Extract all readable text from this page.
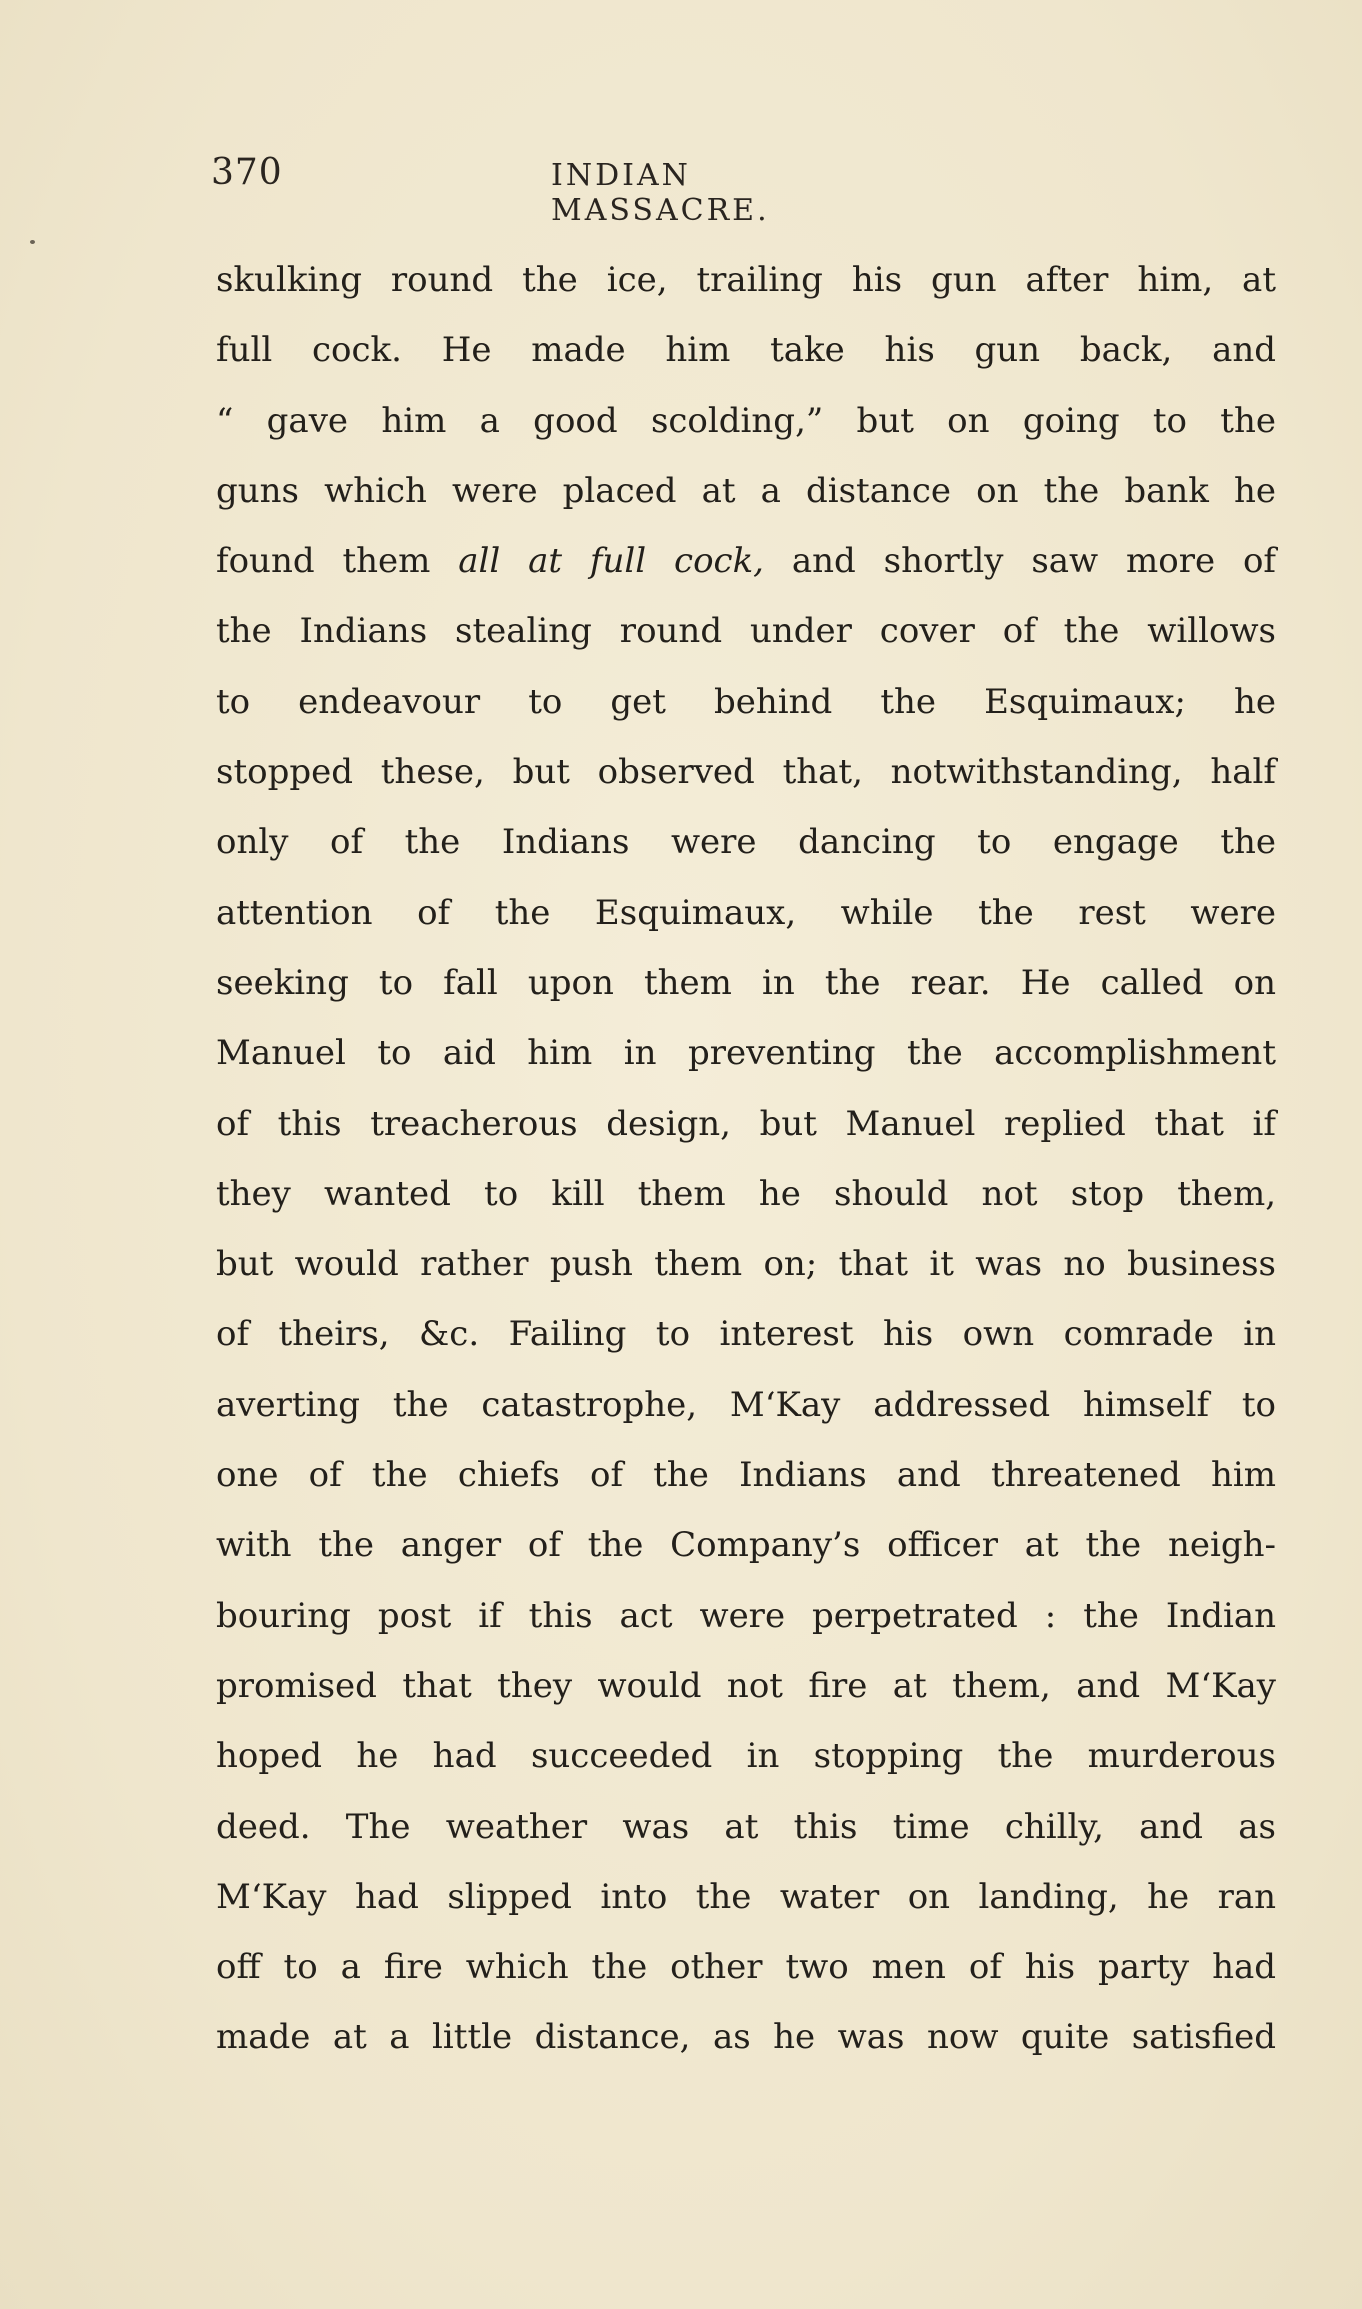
370	INDIAN MASSACRE.
skulking round the ice, trailing his gun after him, at
full cock. He made him take his gun back, and
“ gave him a good scolding,” but on going to the
guns which were placed at a distance on the bank he
found them all at full cock, and shortly saw more of
the Indians stealing round under cover of the willows
to endeavour to get behind the Esquimaux; he
stopped these, but observed that, notwithstanding, half
only of the Indians were dancing to engage the
attention of the Esquimaux, while the rest were
seeking to fall upon them in the rear. He called on
Manuel to aid him in preventing the accomplishment
of this treacherous design, but Manuel replied that if
they wanted to kill them he should not stop them,
but would rather push them on; that it was no business
of theirs, &c. Failing to interest his own comrade in
averting the catastrophe, M‘Kay addressed himself to
one of the chiefs of the Indians and threatened him
with the anger of the Company’s officer at the neigh-
bouring post if this act were perpetrated : the Indian
promised that they would not fire at them, and M‘Kay
hoped he had succeeded in stopping the murderous
deed. The weather was at this time chilly, and as
M‘Kay had slipped into the water on landing, he ran
off to a fire which the other two men of his party had
made at a little distance, as he was now quite satisfied
